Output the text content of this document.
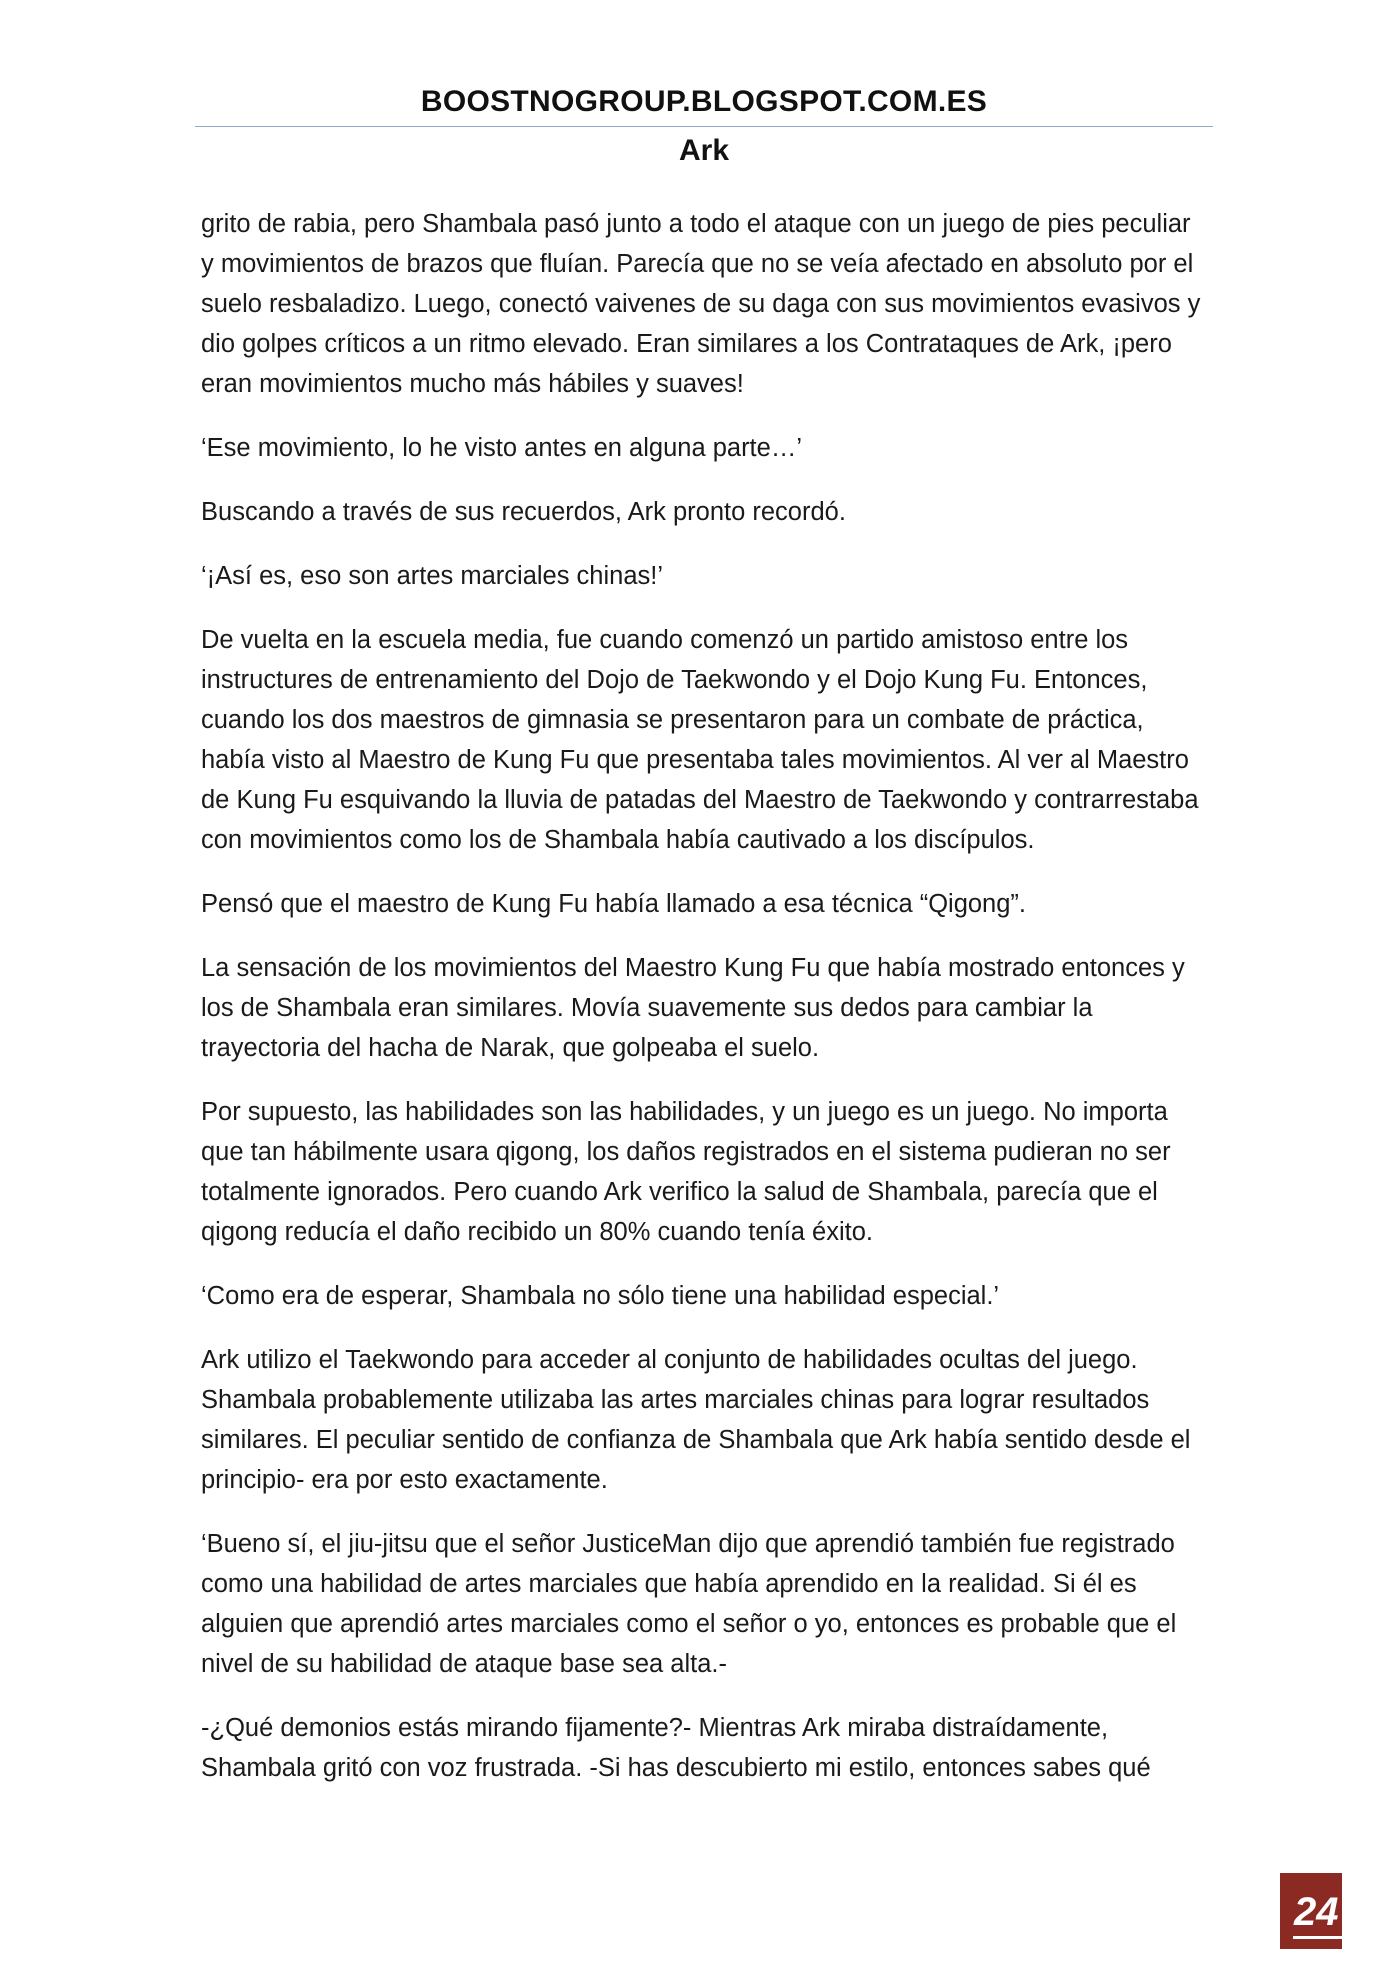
BOOSTNOGROUP.BLOGSPOT.COM.ES
Ark

grito de rabia, pero Shambala pasó junto a todo el ataque con un juego de pies peculiar y movimientos de brazos que fluían. Parecía que no se veía afectado en absoluto por el suelo resbaladizo. Luego, conectó vaivenes de su daga con sus movimientos evasivos y dio golpes críticos a un ritmo elevado. Eran similares a los Contrataques de Ark, ¡pero eran movimientos mucho más hábiles y suaves!

‘Ese movimiento, lo he visto antes en alguna parte…’

Buscando a través de sus recuerdos, Ark pronto recordó.

‘¡Así es, eso son artes marciales chinas!’

De vuelta en la escuela media, fue cuando comenzó un partido amistoso entre los instructures de entrenamiento del Dojo de Taekwondo y el Dojo Kung Fu. Entonces, cuando los dos maestros de gimnasia se presentaron para un combate de práctica, había visto al Maestro de Kung Fu que presentaba tales movimientos. Al ver al Maestro de Kung Fu esquivando la lluvia de patadas del Maestro de Taekwondo y contrarrestaba con movimientos como los de Shambala había cautivado a los discípulos.

Pensó que el maestro de Kung Fu había llamado a esa técnica “Qigong”.

La sensación de los movimientos del Maestro Kung Fu que había mostrado entonces y los de Shambala eran similares. Movía suavemente sus dedos para cambiar la trayectoria del hacha de Narak, que golpeaba el suelo.

Por supuesto, las habilidades son las habilidades, y un juego es un juego. No importa que tan hábilmente usara qigong, los daños registrados en el sistema pudieran no ser totalmente ignorados. Pero cuando Ark verifico la salud de Shambala, parecía que el qigong reducía el daño recibido un 80% cuando tenía éxito.

‘Como era de esperar, Shambala no sólo tiene una habilidad especial.’

Ark utilizo el Taekwondo para acceder al conjunto de habilidades ocultas del juego. Shambala probablemente utilizaba las artes marciales chinas para lograr resultados similares. El peculiar sentido de confianza de Shambala que Ark había sentido desde el principio- era por esto exactamente.

‘Bueno sí, el jiu-jitsu que el señor JusticeMan dijo que aprendió también fue registrado como una habilidad de artes marciales que había aprendido en la realidad. Si él es alguien que aprendió artes marciales como el señor o yo, entonces es probable que el nivel de su habilidad de ataque base sea alta.-

-¿Qué demonios estás mirando fijamente?- Mientras Ark miraba distraídamente, Shambala gritó con voz frustrada. -Si has descubierto mi estilo, entonces sabes qué

24
